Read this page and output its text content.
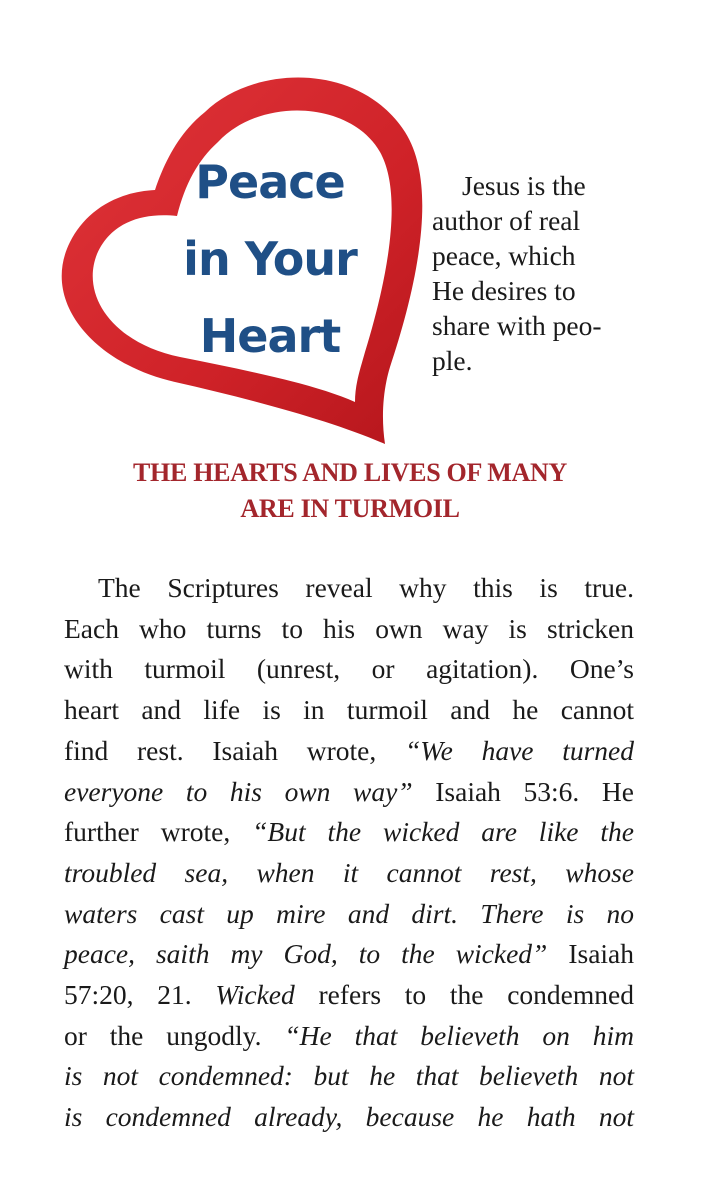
Peace
in Your
Heart
Jesus is the
author of real
peace, which
He desires to
share with peo-
ple.
THE HEARTS AND LIVES OF MANY
ARE IN TURMOIL
The Scriptures reveal why this is true.
Each who turns to his own way is stricken
with turmoil (unrest, or agitation). One’s
heart and life is in turmoil and he cannot
find rest. Isaiah wrote, “We have turned
everyone to his own way” Isaiah 53:6. He
further wrote, “But the wicked are like the
troubled sea, when it cannot rest, whose
waters cast up mire and dirt. There is no
peace, saith my God, to the wicked” Isaiah
57:20, 21. Wicked refers to the condemned
or the ungodly. “He that believeth on him
is not condemned: but he that believeth not
is condemned already, because he hath not
